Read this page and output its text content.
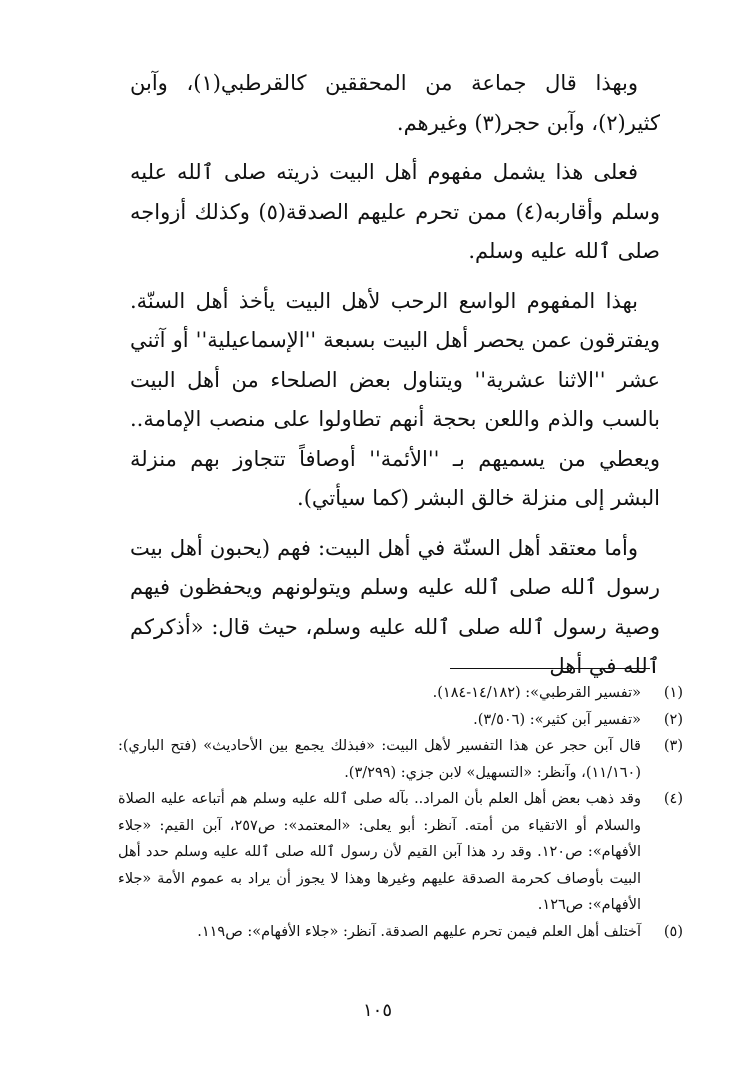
وبهذا قال جماعة من المحققين كالقرطبي(١)، وآبن كثير(٢)، وآبن حجر(٣) وغيرهم.

فعلى هذا يشمل مفهوم أهل البيت ذريته صلى ٱلله عليه وسلم وأقاربه(٤) ممن تحرم عليهم الصدقة(٥) وكذلك أزواجه صلى ٱلله عليه وسلم.

بهذا المفهوم الواسع الرحب لأهل البيت يأخذ أهل السنّة. ويفترقون عمن يحصر أهل البيت بسبعة ''الإسماعيلية'' أو آثني عشر ''الاثنا عشرية'' ويتناول بعض الصلحاء من أهل البيت بالسب والذم واللعن بحجة أنهم تطاولوا على منصب الإمامة.. ويعطي من يسميهم بـ ''الأئمة'' أوصافاً تتجاوز بهم منزلة البشر إلى منزلة خالق البشر (كما سيأتي).

وأما معتقد أهل السنّة في أهل البيت: فهم (يحبون أهل بيت رسول ٱلله صلى ٱلله عليه وسلم ويتولونهم ويحفظون فيهم وصية رسول ٱلله صلى ٱلله عليه وسلم، حيث قال: «أذكركم ٱلله في أهل

(١)
«تفسير القرطبي»: (١٤/١٨٢-١٨٤).
(٢)
«تفسير آبن كثير»: (٣/٥٠٦).
(٣)
قال آبن حجر عن هذا التفسير لأهل البيت: «فبذلك يجمع بين الأحاديث» (فتح الباري): (١١/١٦٠)، وآنظر: «التسهيل» لابن جزي: (٣/٢٩٩).
(٤)
وقد ذهب بعض أهل العلم بأن المراد.. بآله صلى ٱلله عليه وسلم هم أتباعه عليه الصلاة والسلام أو الاتقياء من أمته. آنظر: أبو يعلى: «المعتمد»: ص٢٥٧، آبن القيم: «جلاء الأفهام»: ص١٢٠. وقد رد هذا آبن القيم لأن رسول ٱلله صلى ٱلله عليه وسلم حدد أهل البيت بأوصاف كحرمة الصدقة عليهم وغيرها وهذا لا يجوز أن يراد به عموم الأمة «جلاء الأفهام»: ص١٢٦.
(٥)
آختلف أهل العلم فيمن تحرم عليهم الصدقة. آنظر: «جلاء الأفهام»: ص١١٩.
١٠٥
